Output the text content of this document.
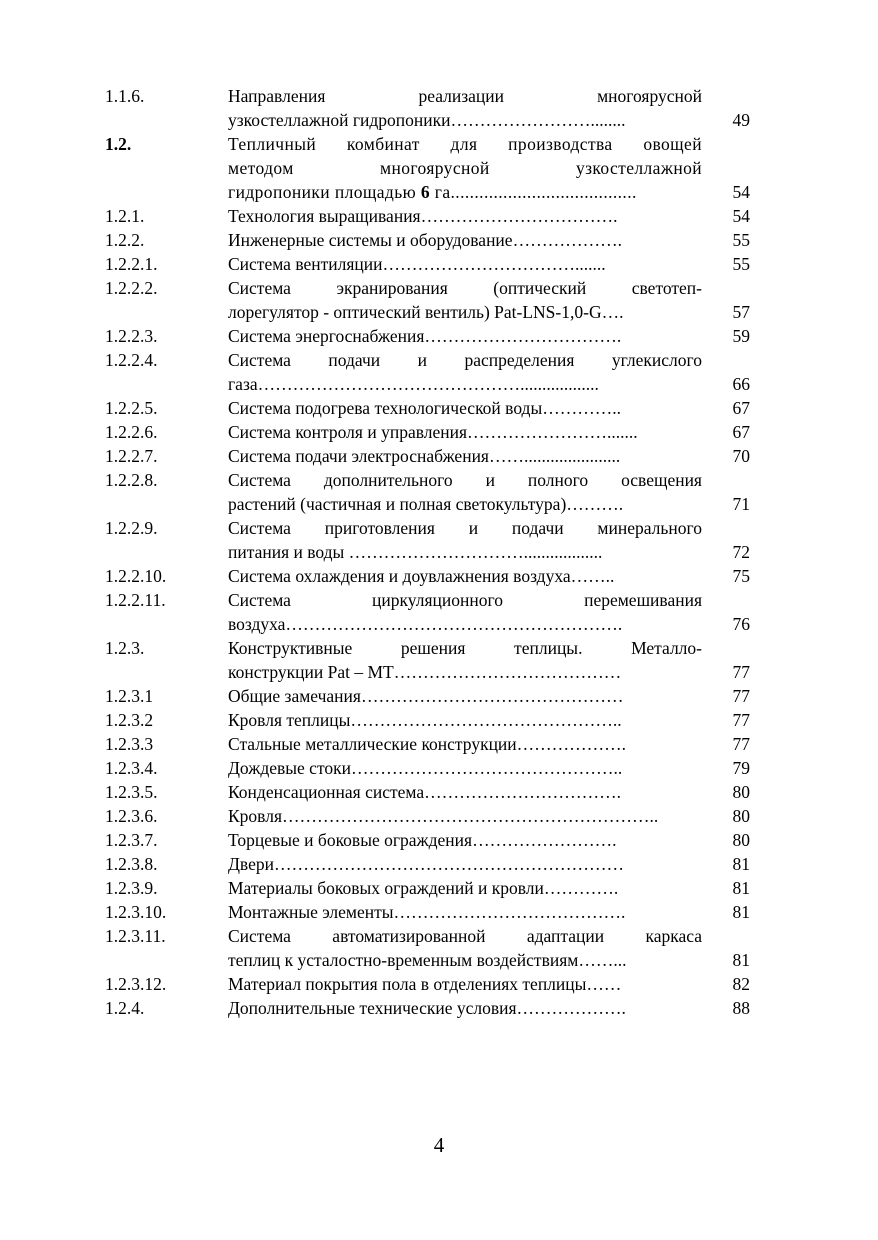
1.1.6.	Направления реализации многоярусной
узкостеллажной гидропоники……………………........	49
1.2.	Тепличный комбинат для производства овощей
методом многоярусной узкостеллажной
гидропоники площадью 6 га.......................................	54
1.2.1.	Технология выращивания…………………………….	54
1.2.2.	Инженерные системы и оборудование……………….	55
1.2.2.1.	Система вентиляции…………………………….......	55
1.2.2.2.	Система экранирования (оптический светотеп-
лорегулятор - оптический вентиль) Pat-LNS-1,0-G….	57
1.2.2.3.	Система энергоснабжения…………………………….	59
1.2.2.4.	Система подачи и распределения углекислого
газа………………………………………..................	66
1.2.2.5.	Система подогрева технологической воды…………..	67
1.2.2.6.	Система контроля и управления…………………….......	67
1.2.2.7.	Система подачи электроснабжения……......................	70
1.2.2.8.	Система дополнительного и полного освещения
растений (частичная и полная светокультура)……….	71
1.2.2.9.	Система приготовления и подачи минерального
питания и воды …………………………..................	72
1.2.2.10.	Система охлаждения и доувлажнения воздуха……..	75
1.2.2.11.	Система циркуляционного перемешивания
воздуха………………………………………………….	76
1.2.3.	Конструктивные решения теплицы. Металло-
конструкции Pat – MT…………………………………	77
1.2.3.1	Общие замечания………………………………………	77
1.2.3.2	Кровля теплицы………………………………………..	77
1.2.3.3	Стальные металлические конструкции……………….	77
1.2.3.4.	Дождевые стоки………………………………………..	79
1.2.3.5.	Конденсационная система…………………………….	80
1.2.3.6.	Кровля………………………………………………………..	80
1.2.3.7.	Торцевые и боковые ограждения…………………….	80
1.2.3.8.	Двери……………………………………………………	81
1.2.3.9.	Материалы боковых ограждений и кровли………….	81
1.2.3.10.	Монтажные элементы………………………………….	81
1.2.3.11.	Система автоматизированной адаптации каркаса
теплиц к усталостно-временным воздействиям……...	81
1.2.3.12.	Материал покрытия пола в отделениях теплицы……	82
1.2.4.	Дополнительные технические условия……………….	88
4
